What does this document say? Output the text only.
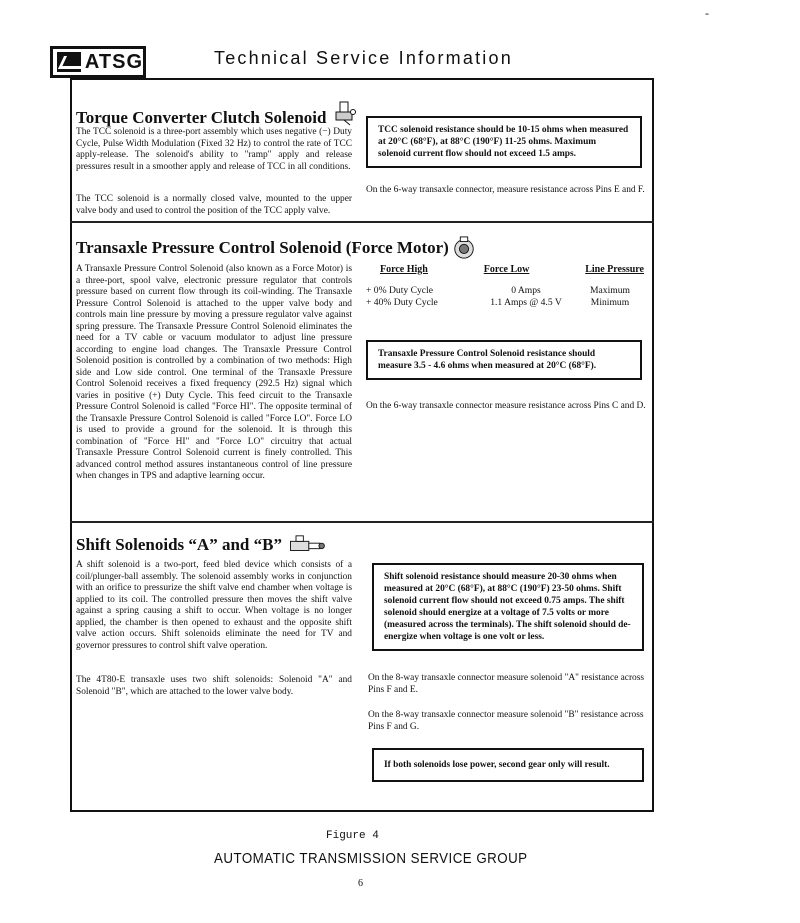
-
ATSG	Technical Service Information
Torque Converter Clutch Solenoid
The TCC solenoid is a three-port assembly which uses negative (−) Duty Cycle, Pulse Width Modulation (Fixed 32 Hz) to control the rate of TCC apply-release. The solenoid's ability to "ramp" apply and release pressures result in a smoother apply and release of TCC in all conditions.
The TCC solenoid is a normally closed valve, mounted to the upper valve body and used to control the position of the TCC apply valve.
TCC solenoid resistance should be 10-15 ohms when measured at 20°C (68°F), at 88°C (190°F) 11-25 ohms. Maximum solenoid current flow should not exceed 1.5 amps.
On the 6-way transaxle connector, measure resistance across Pins E and F.
Transaxle Pressure Control Solenoid (Force Motor)
A Transaxle Pressure Control Solenoid (also known as a Force Motor) is a three-port, spool valve, electronic pressure regulator that controls pressure based on current flow through its coil-winding. The Transaxle Pressure Control Solenoid is attached to the upper valve body and controls main line pressure by moving a pressure regulator valve against spring pressure. The Transaxle Pressure Control Solenoid eliminates the need for a TV cable or vacuum modulator to adjust line pressure according to engine load changes. The Transaxle Pressure Control Solenoid position is controlled by a combination of two methods: High side and Low side control. One terminal of the Transaxle Pressure Control Solenoid receives a fixed frequency (292.5 Hz) signal which varies in positive (+) Duty Cycle. This feed circuit to the Transaxle Pressure Control Solenoid is called "Force HI". The opposite terminal of the Transaxle Pressure Control Solenoid is called "Force LO". Force LO is used to provide a ground for the solenoid. It is through this combination of "Force HI" and "Force LO" circuitry that actual Transaxle Pressure Control Solenoid current is finely controlled. This advanced control method assures instantaneous control of line pressure when changes in TPS and adaptive learning occur.
Force High	Force Low	Line Pressure
+ 0% Duty Cycle	0 Amps	Maximum
+ 40% Duty Cycle	1.1 Amps @ 4.5 V	Minimum
Transaxle Pressure Control Solenoid resistance should measure 3.5 - 4.6 ohms when measured at 20°C (68°F).
On the 6-way transaxle connector measure resistance across Pins C and D.
Shift Solenoids “A” and “B”
A shift solenoid is a two-port, feed bled device which consists of a coil/plunger-ball assembly. The solenoid assembly works in conjunction with an orifice to pressurize the shift valve end chamber when voltage is applied to its coil. The controlled pressure then moves the shift valve against a spring causing a shift to occur. When voltage is no longer applied, the chamber is then opened to exhaust and the opposite shift valve action occurs. Shift solenoids eliminate the need for TV and governor pressures to control shift valve operation.
The 4T80-E transaxle uses two shift solenoids: Solenoid "A" and Solenoid "B", which are attached to the lower valve body.
Shift solenoid resistance should measure 20-30 ohms when measured at 20°C (68°F), at 88°C (190°F) 23-50 ohms. Shift solenoid current flow should not exceed 0.75 amps. The shift solenoid should energize at a voltage of 7.5 volts or more (measured across the terminals). The shift solenoid should de-energize when voltage is one volt or less.
On the 8-way transaxle connector measure solenoid "A" resistance across Pins F and E.
On the 8-way transaxle connector measure solenoid "B" resistance across Pins F and G.
If both solenoids lose power, second gear only will result.
Figure 4
AUTOMATIC TRANSMISSION SERVICE GROUP
6
